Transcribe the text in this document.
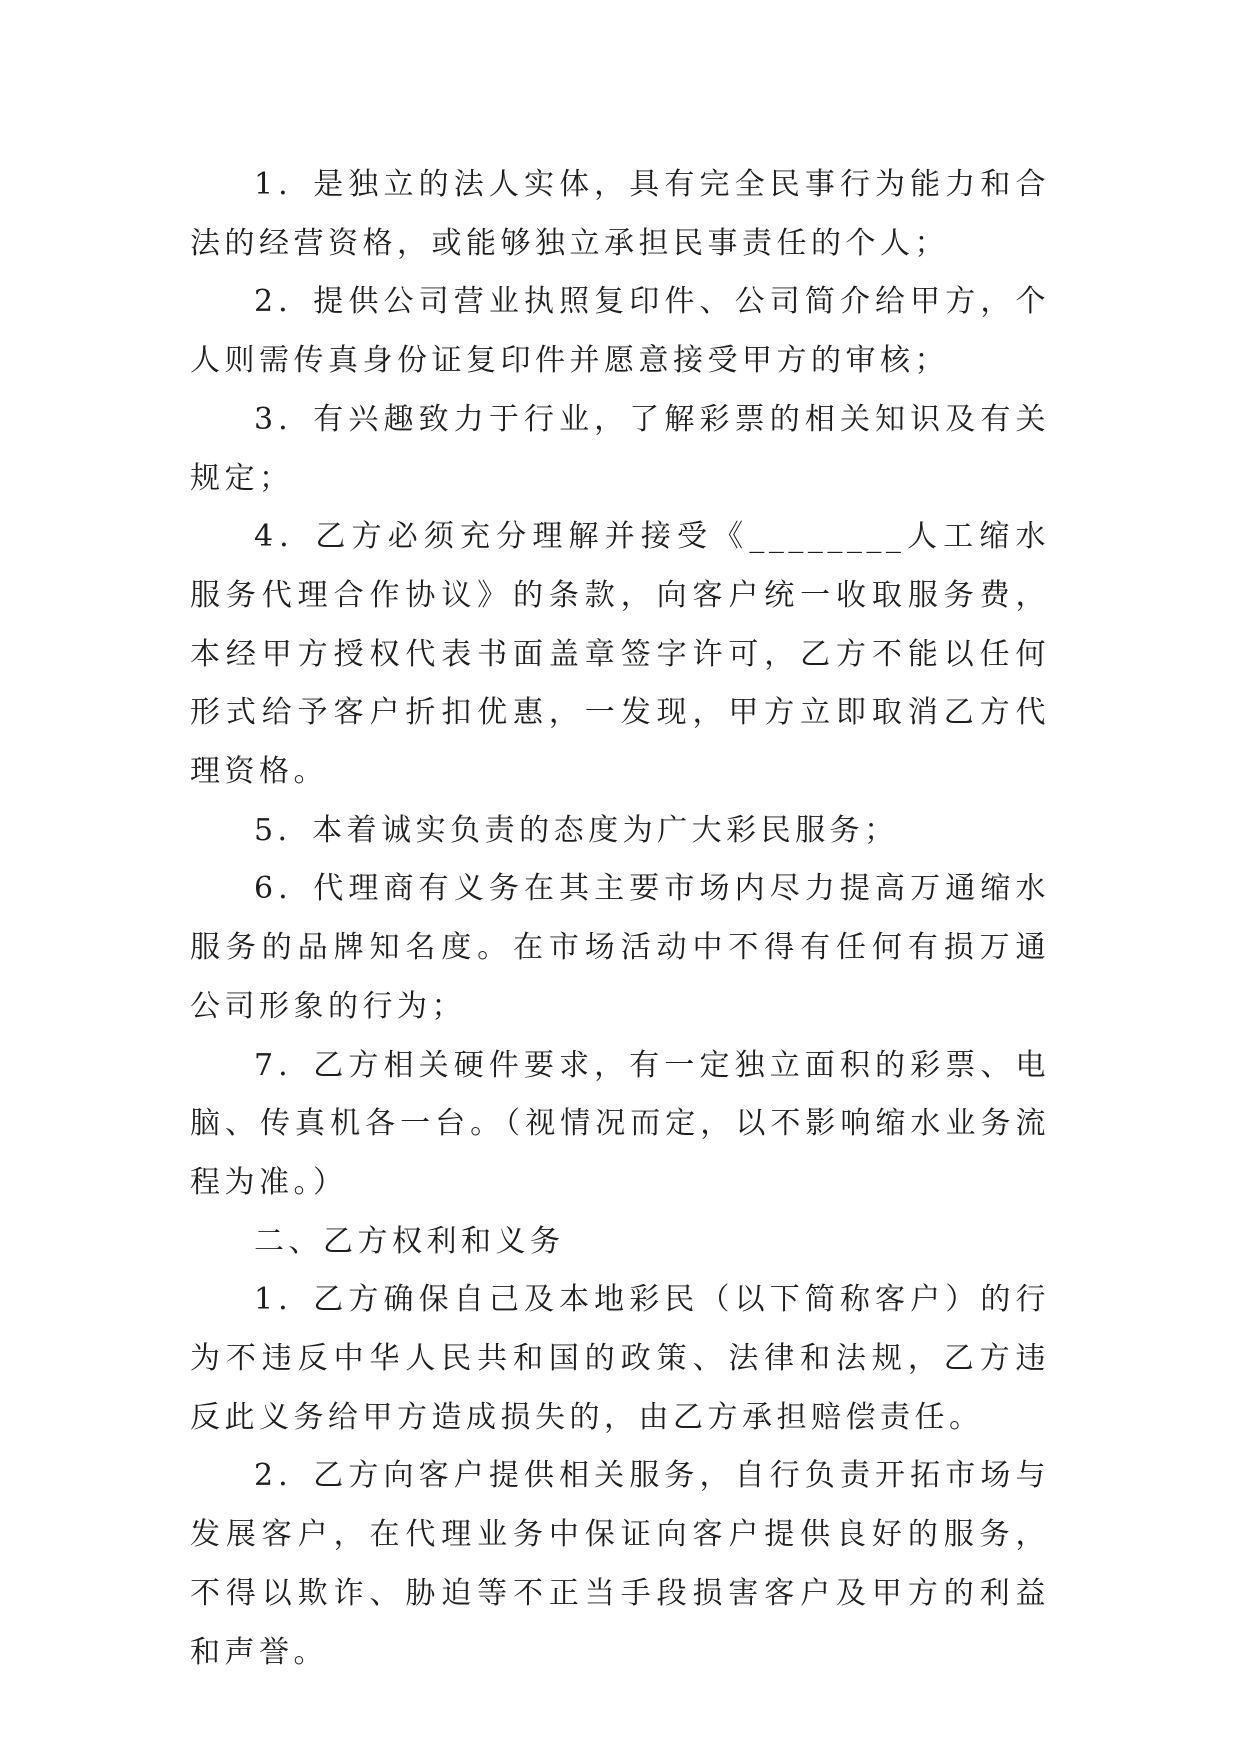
1．是独立的法人实体，具有完全民事行为能力和合法的经营资格，或能够独立承担民事责任的个人；

2．提供公司营业执照复印件、公司简介给甲方，个人则需传真身份证复印件并愿意接受甲方的审核；

3．有兴趣致力于行业，了解彩票的相关知识及有关规定；

4．乙方必须充分理解并接受《________人工缩水服务代理合作协议》的条款，向客户统一收取服务费，本经甲方授权代表书面盖章签字许可，乙方不能以任何形式给予客户折扣优惠，一发现，甲方立即取消乙方代理资格。

5．本着诚实负责的态度为广大彩民服务；

6．代理商有义务在其主要市场内尽力提高万通缩水服务的品牌知名度。在市场活动中不得有任何有损万通公司形象的行为；

7．乙方相关硬件要求，有一定独立面积的彩票、电脑、传真机各一台。（视情况而定，以不影响缩水业务流程为准。）

二、乙方权利和义务

1．乙方确保自己及本地彩民（以下简称客户）的行为不违反中华人民共和国的政策、法律和法规，乙方违反此义务给甲方造成损失的，由乙方承担赔偿责任。

2．乙方向客户提供相关服务，自行负责开拓市场与发展客户，在代理业务中保证向客户提供良好的服务，不得以欺诈、胁迫等不正当手段损害客户及甲方的利益和声誉。
